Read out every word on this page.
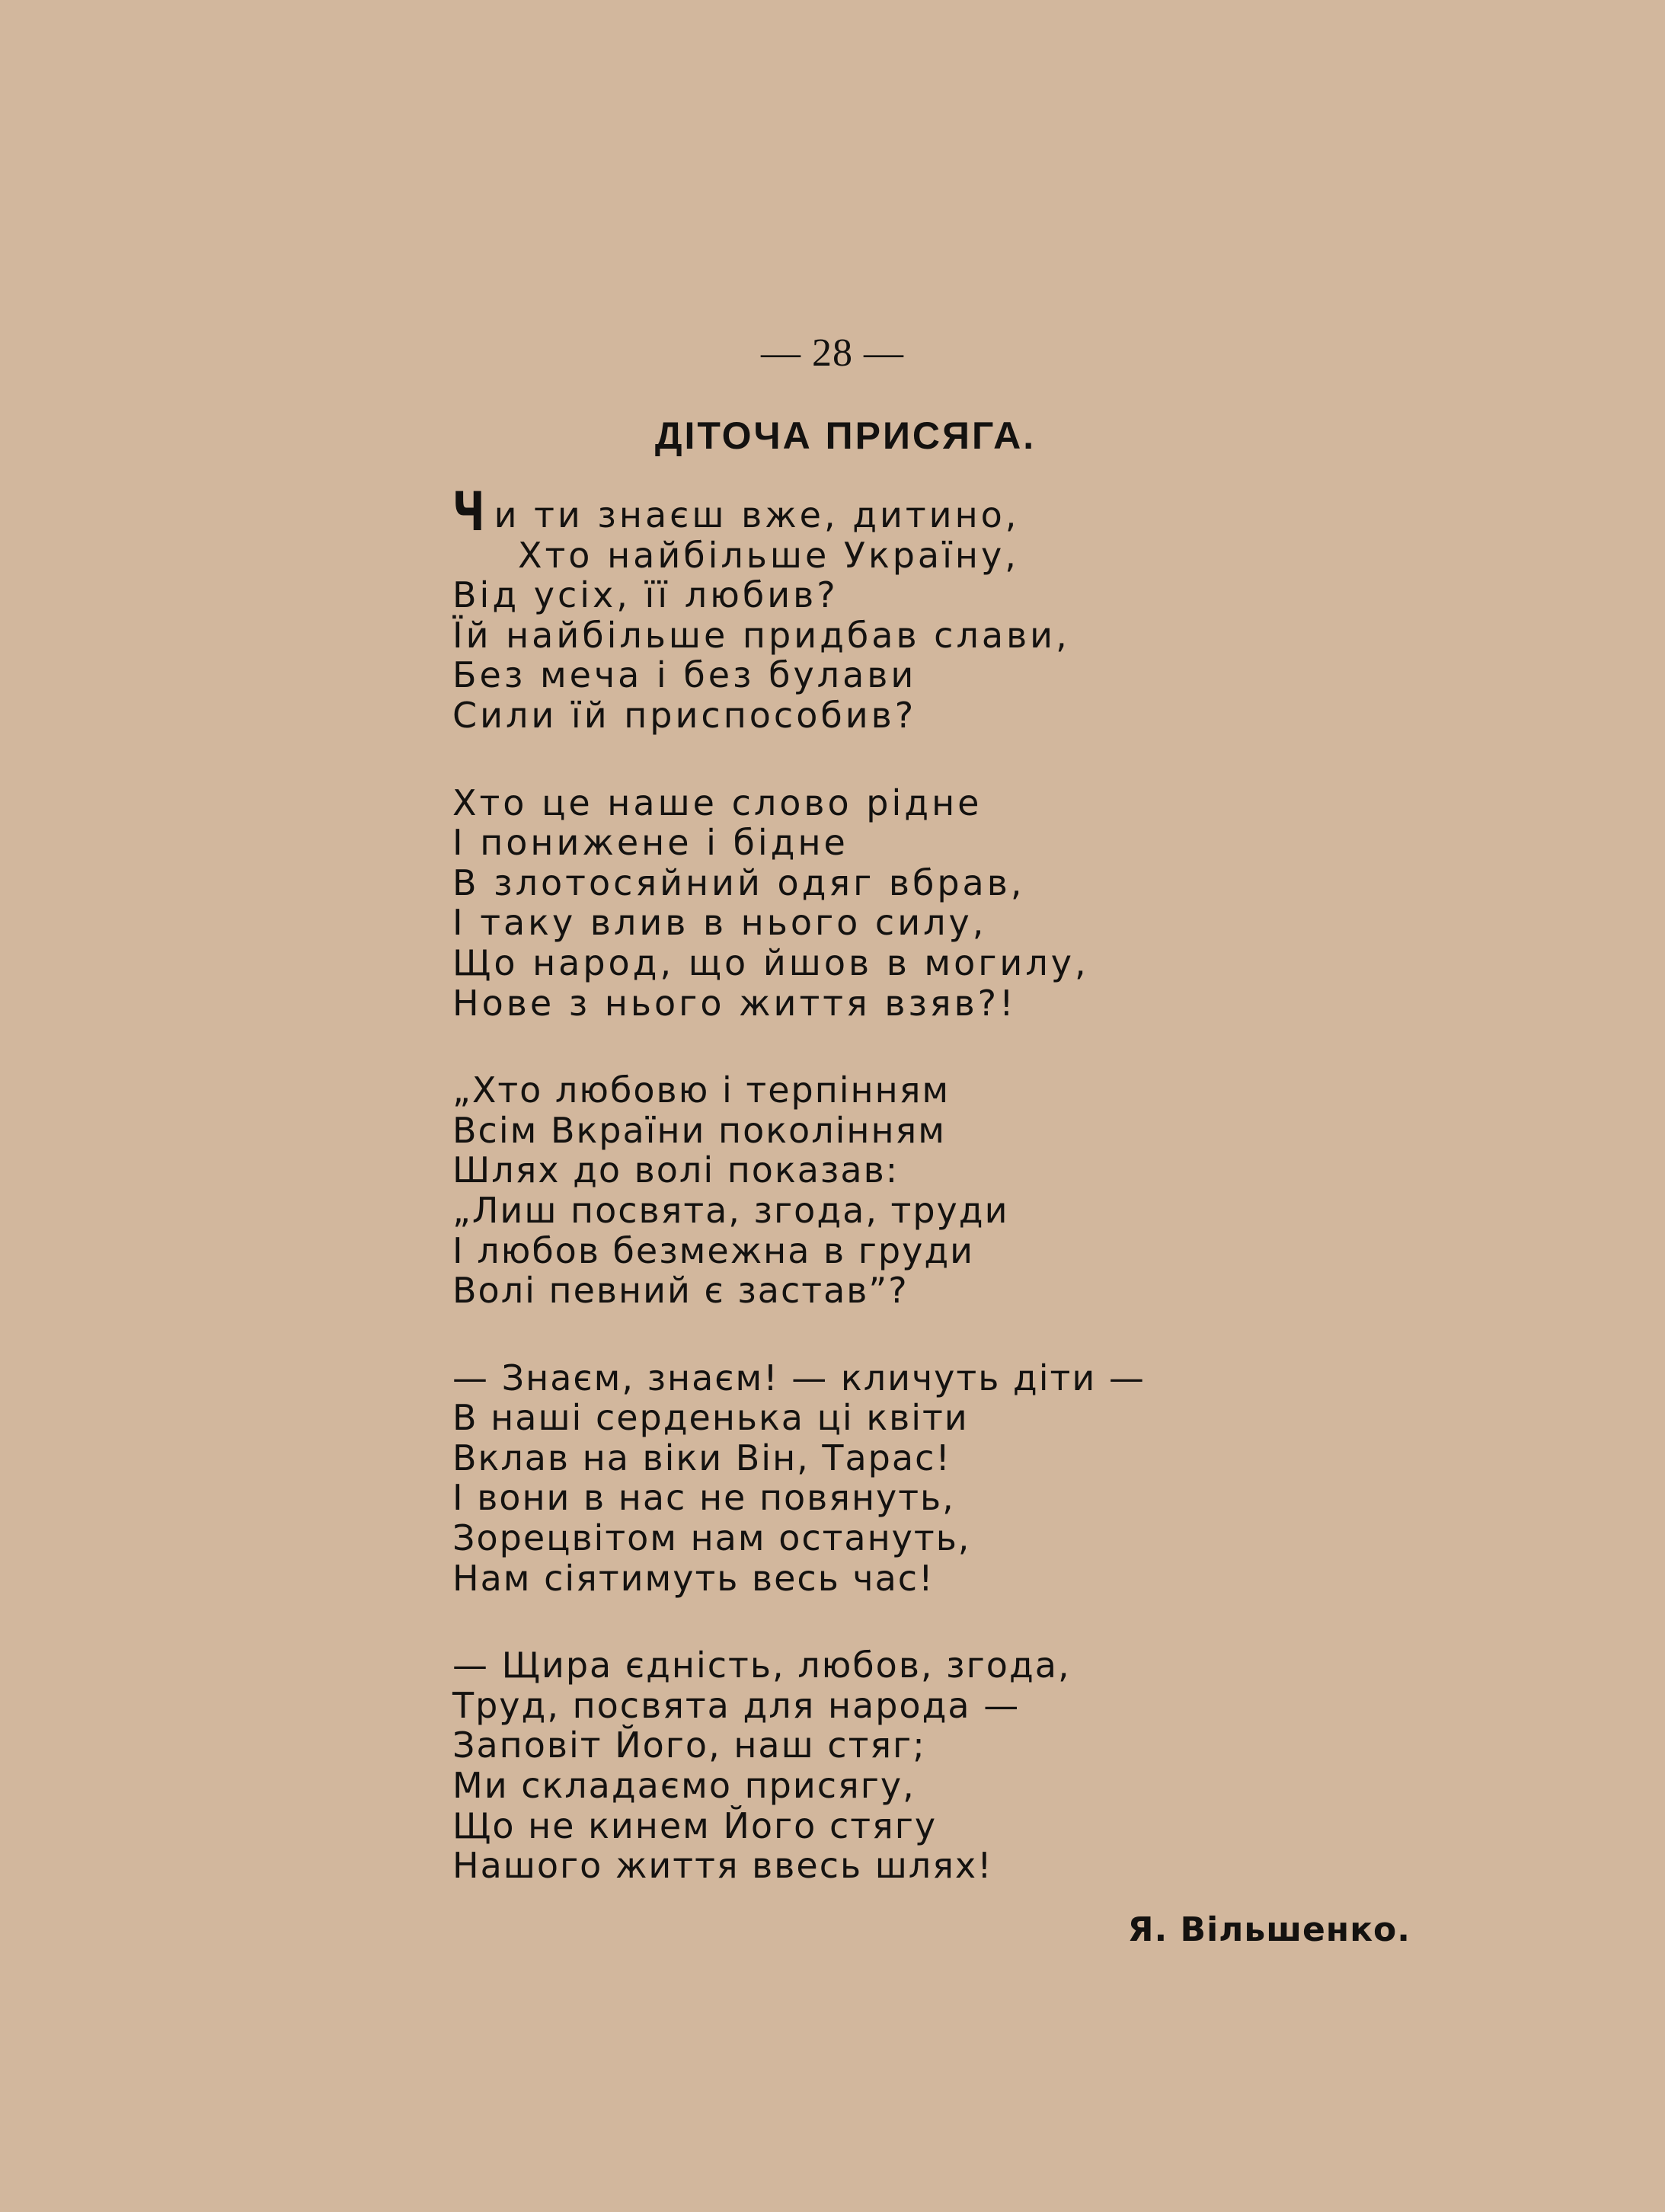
— 28 —
ДІТОЧА ПРИСЯГА.
Чи ти знаєш вже, дитино,
Хто найбільше Україну,
Від усіх, її любив?
Їй найбільше придбав слави,
Без меча і без булави
Сили їй приспособив?
Хто це наше слово рідне
І понижене і бідне
В злотосяйний одяг вбрав,
І таку влив в нього силу,
Що народ, що йшов в могилу,
Нове з нього життя взяв?!
„Хто любовю і терпінням
Всім Вкраїни поколінням
Шлях до волі показав:
„Лиш посвята, згода, труди
І любов безмежна в груди
Волі певний є застав”?
— Знаєм, знаєм! — кличуть діти —
В наші серденька ці квіти
Вклав на віки Він, Тарас!
І вони в нас не повянуть,
Зорецвітом нам остануть,
Нам сіятимуть весь час!
— Щира єдність, любов, згода,
Труд, посвята для народа —
Заповіт Його, наш стяг;
Ми складаємо присягу,
Що не кинем Його стягу
Нашого життя ввесь шлях!
Я. Вільшенко.
